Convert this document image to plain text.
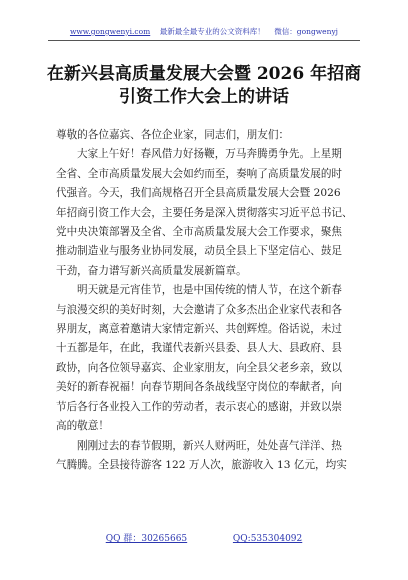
www.gongwenyi.com 最新最全最专业的公文资料库！ 微信：gongwenyj
在新兴县高质量发展大会暨 2026 年招商
引资工作大会上的讲话

尊敬的各位嘉宾、各位企业家，同志们，朋友们：

大家上午好！春风借力好扬鞭，万马奔腾勇争先。上星期
全省、全市高质量发展大会如约而至，奏响了高质量发展的时
代强音。今天，我们高规格召开全县高质量发展大会暨 2026
年招商引资工作大会，主要任务是深入贯彻落实习近平总书记、
党中央决策部署及全省、全市高质量发展大会工作要求，聚焦
推动制造业与服务业协同发展，动员全县上下坚定信心、鼓足
干劲，奋力谱写新兴高质量发展新篇章。

明天就是元宵佳节，也是中国传统的情人节，在这个新春
与浪漫交织的美好时刻，大会邀请了众多杰出企业家代表和各
界朋友，离意着邀请大家情定新兴、共创辉煌。俗话说，未过
十五都是年，在此，我谨代表新兴县委、县人大、县政府、县
政协，向各位领导嘉宾、企业家朋友，向全县父老乡亲，致以
美好的新春祝福！向春节期间各条战线坚守岗位的奉献者，向
节后各行各业投入工作的劳动者，表示衷心的感谢，并致以崇
高的敬意！

刚刚过去的春节假期，新兴人财两旺，处处喜气洋洋、热
气腾腾。全县接待游客 122 万人次，旅游收入 13 亿元，均实

QQ 群：30265665	QQ:535304092
